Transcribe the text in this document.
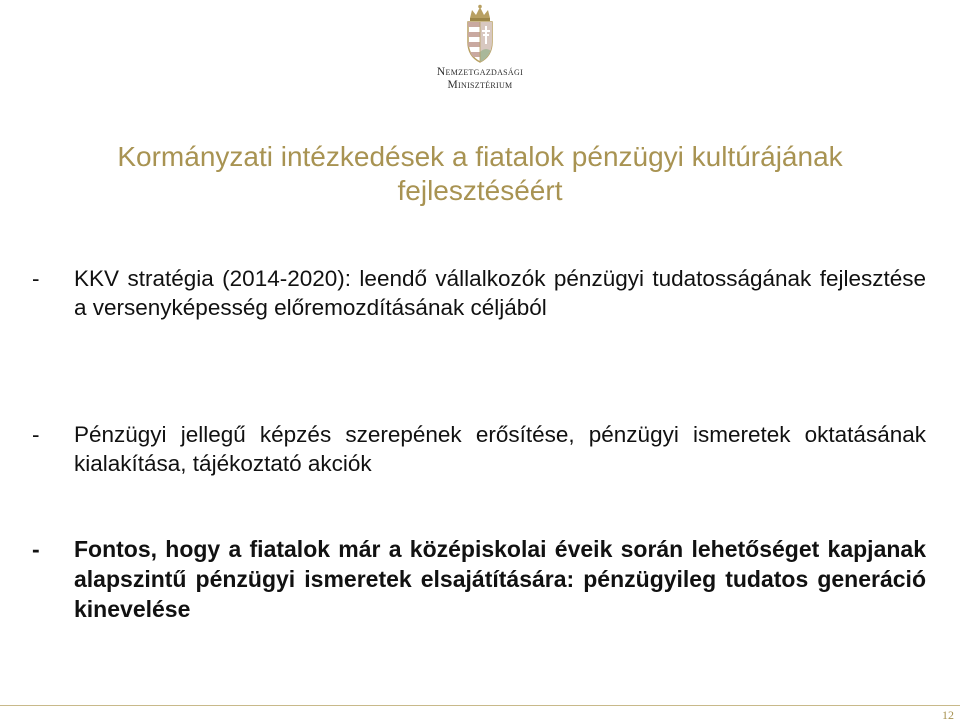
Nemzetgazdasági
Minisztérium
Kormányzati intézkedések a fiatalok pénzügyi kultúrájának
fejlesztéséért
- KKV stratégia (2014-2020): leendő vállalkozók pénzügyi tudatosságának fejlesztése a versenyképesség előremozdításának céljából
- Pénzügyi jellegű képzés szerepének erősítése, pénzügyi ismeretek oktatásának kialakítása, tájékoztató akciók
- Fontos, hogy a fiatalok már a középiskolai éveik során lehetőséget kapjanak alapszintű pénzügyi ismeretek elsajátítására: pénzügyileg tudatos generáció kinevelése
12
